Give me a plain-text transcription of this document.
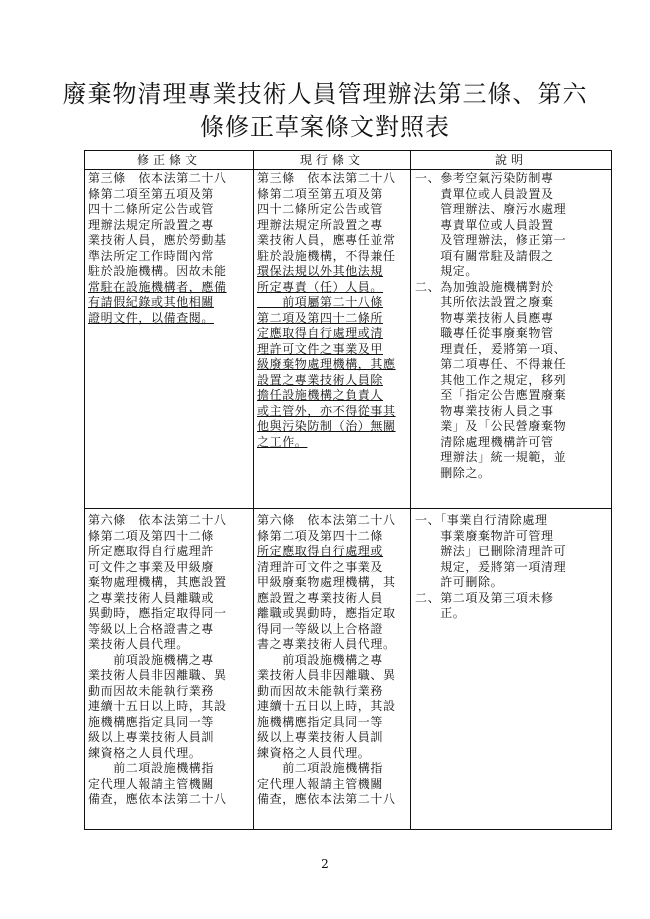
廢棄物清理專業技術人員管理辦法第三條、第六
條修正草案條文對照表
修正條文	現行條文	說明
第三條　依本法第二十八
條第二項至第五項及第
四十二條所定公告或管
理辦法規定所設置之專
業技術人員，應於勞動基
準法所定工作時間內常
駐於設施機構。因故未能
常駐在設施機構者，應備
有請假紀錄或其他相關
證明文件，以備查閱。
第三條　依本法第二十八
條第二項至第五項及第
四十二條所定公告或管
理辦法規定所設置之專
業技術人員，應專任並常
駐於設施機構，不得兼任
環保法規以外其他法規
所定專責（任）人員。
　　前項屬第二十八條
第二項及第四十二條所
定應取得自行處理或清
理許可文件之事業及甲
級廢棄物處理機構，其應
設置之專業技術人員除
擔任設施機構之負責人
或主管外，亦不得從事其
他與污染防制（治）無關
之工作。
一、參考空氣污染防制專
　　責單位或人員設置及
　　管理辦法、廢污水處理
　　專責單位或人員設置
　　及管理辦法，修正第一
　　項有關常駐及請假之
　　規定。
二、為加強設施機構對於
　　其所依法設置之廢棄
　　物專業技術人員應專
　　職專任從事廢棄物管
　　理責任，爰將第一項、
　　第二項專任、不得兼任
　　其他工作之規定，移列
　　至「指定公告應置廢棄
　　物專業技術人員之事
　　業」及「公民營廢棄物
　　清除處理機構許可管
　　理辦法」統一規範，並
　　刪除之。
第六條　依本法第二十八
條第二項及第四十二條
所定應取得自行處理許
可文件之事業及甲級廢
棄物處理機構，其應設置
之專業技術人員離職或
異動時，應指定取得同一
等級以上合格證書之專
業技術人員代理。
　　前項設施機構之專
業技術人員非因離職、異
動而因故未能執行業務
連續十五日以上時，其設
施機構應指定具同一等
級以上專業技術人員訓
練資格之人員代理。
　　前二項設施機構指
定代理人報請主管機關
備查，應依本法第二十八
第六條　依本法第二十八
條第二項及第四十二條
所定應取得自行處理或
清理許可文件之事業及
甲級廢棄物處理機構，其
應設置之專業技術人員
離職或異動時，應指定取
得同一等級以上合格證
書之專業技術人員代理。
　　前項設施機構之專
業技術人員非因離職、異
動而因故未能執行業務
連續十五日以上時，其設
施機構應指定具同一等
級以上專業技術人員訓
練資格之人員代理。
　　前二項設施機構指
定代理人報請主管機關
備查，應依本法第二十八
一、「事業自行清除處理
　　事業廢棄物許可管理
　　辦法」已刪除清理許可
　　規定，爰將第一項清理
　　許可刪除。
二、第二項及第三項未修
　　正。
2
